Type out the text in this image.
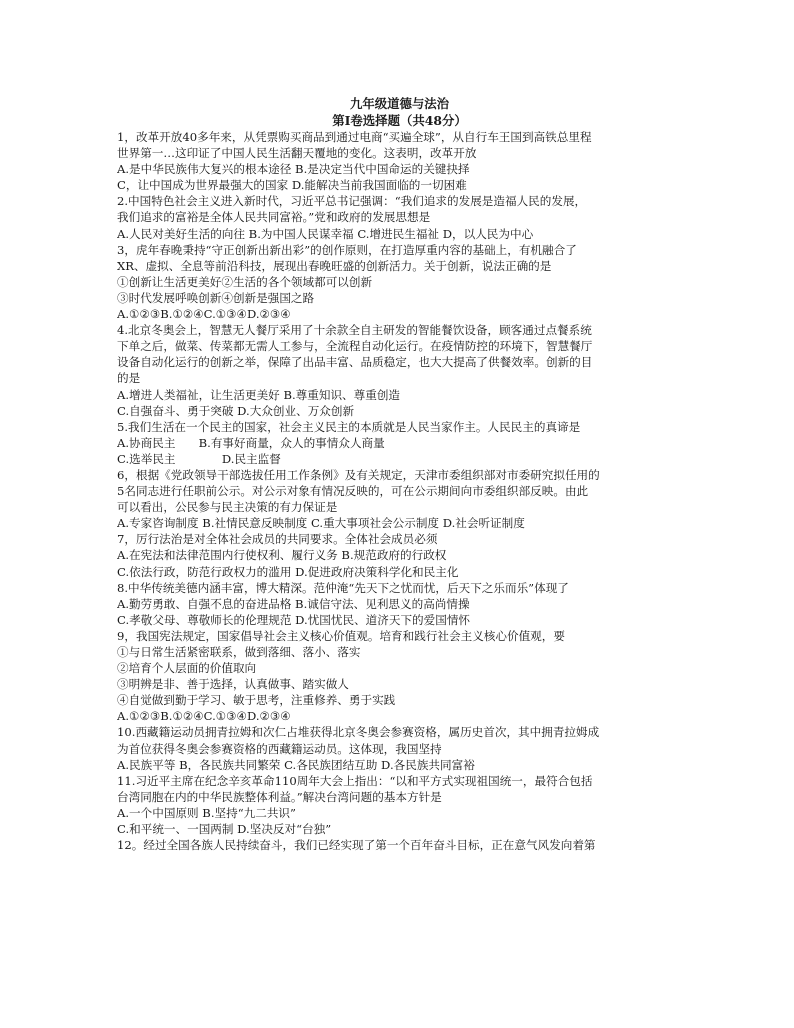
九年级道德与法治
第Ⅰ卷选择题（共48分）
1，改革开放40多年来，从凭票购买商品到通过电商“买遍全球”，从自行车王国到高铁总里程
世界第一…这印证了中国人民生活翻天覆地的变化。这表明，改革开放
A.是中华民族伟大复兴的根本途径 B.是决定当代中国命运的关键抉择
C，让中国成为世界最强大的国家 D.能解决当前我国面临的一切困难
2.中国特色社会主义进入新时代，习近平总书记强调：“我们追求的发展是造福人民的发展，
我们追求的富裕是全体人民共同富裕。”党和政府的发展思想是
A.人民对美好生活的向往 B.为中国人民谋幸福 C.增进民生福祉 D，以人民为中心
3，虎年春晚秉持“守正创新出新出彩”的创作原则，在打造厚重内容的基础上，有机融合了
XR、虚拟、全息等前沿科技，展现出春晚旺盛的创新活力。关于创新，说法正确的是
①创新让生活更美好②生活的各个领域都可以创新
③时代发展呼唤创新④创新是强国之路
A.①②③B.①②④C.①③④D.②③④
4.北京冬奥会上，智慧无人餐厅采用了十余款全自主研发的智能餐饮设备，顾客通过点餐系统
下单之后，做菜、传菜都无需人工参与，全流程自动化运行。在疫情防控的环境下，智慧餐厅
设备自动化运行的创新之举，保障了出品丰富、品质稳定，也大大提高了供餐效率。创新的目
的是
A.增进人类福祉，让生活更美好 B.尊重知识、尊重创造
C.自强奋斗、勇于突破 D.大众创业、万众创新
5.我们生活在一个民主的国家，社会主义民主的本质就是人民当家作主。人民民主的真谛是
A.协商民主　　B.有事好商量，众人的事情众人商量
C.选举民主　　　　D.民主监督
6，根据《党政领导干部选拔任用工作条例》及有关规定，天津市委组织部对市委研究拟任用的
5名同志进行任职前公示。对公示对象有情况反映的，可在公示期间向市委组织部反映。由此
可以看出，公民参与民主决策的有力保证是
A.专家咨询制度 B.社情民意反映制度 C.重大事项社会公示制度 D.社会听证制度
7，厉行法治是对全体社会成员的共同要求。全体社会成员必须
A.在宪法和法律范围内行使权利、履行义务 B.规范政府的行政权
C.依法行政，防范行政权力的滥用 D.促进政府决策科学化和民主化
8.中华传统美德内涵丰富，博大精深。范仲淹“先天下之忧而忧，后天下之乐而乐”体现了
A.勤劳勇敢、自强不息的奋进品格 B.诚信守法、见利思义的高尚情操
C.孝敬父母、尊敬师长的伦理规范 D.忧国忧民、道济天下的爱国情怀
9，我国宪法规定，国家倡导社会主义核心价值观。培育和践行社会主义核心价值观，要
①与日常生活紧密联系，做到落细、落小、落实
②培育个人层面的价值取向
③明辨是非、善于选择，认真做事、踏实做人
④自觉做到勤于学习、敏于思考，注重修养、勇于实践
A.①②③B.①②④C.①③④D.②③④
10.西藏籍运动员拥青拉姆和次仁占堆获得北京冬奥会参赛资格，属历史首次，其中拥青拉姆成
为首位获得冬奥会参赛资格的西藏籍运动员。这体现，我国坚持
A.民族平等 B，各民族共同繁荣 C.各民族团结互助 D.各民族共同富裕
11.习近平主席在纪念辛亥革命110周年大会上指出：“以和平方式实现祖国统一，最符合包括
台湾同胞在内的中华民族整体利益。”解决台湾问题的基本方针是
A.一个中国原则 B.坚持“九二共识”
C.和平统一、一国两制 D.坚决反对“台独”
12。经过全国各族人民持续奋斗，我们已经实现了第一个百年奋斗目标，正在意气风发向着第
